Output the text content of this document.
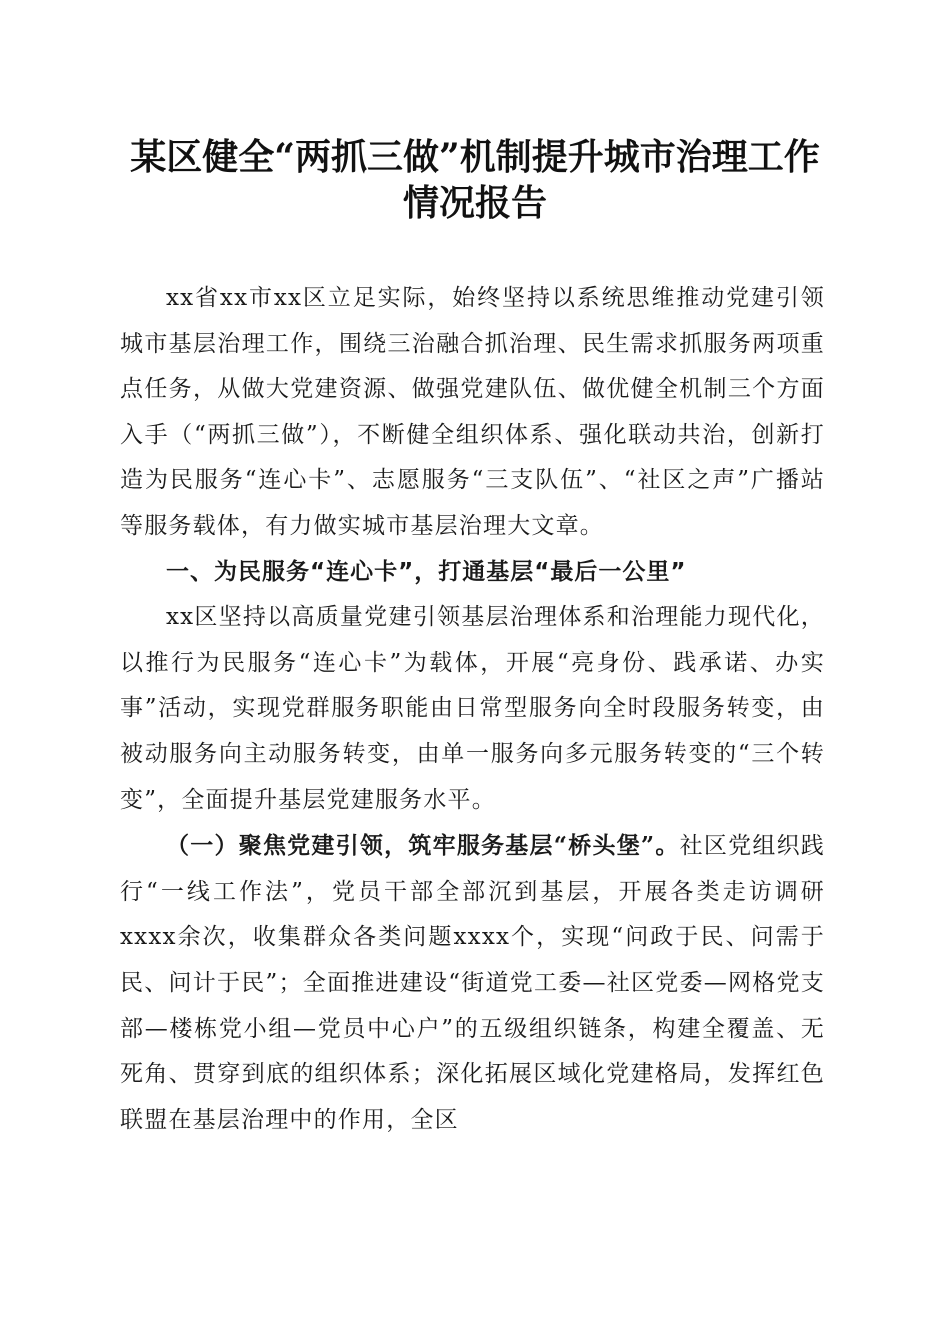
某区健全“两抓三做”机制提升城市治理工作
情况报告

xx省xx市xx区立足实际，始终坚持以系统思维推动党建引领城市基层治理工作，围绕三治融合抓治理、民生需求抓服务两项重点任务，从做大党建资源、做强党建队伍、做优健全机制三个方面入手（“两抓三做”），不断健全组织体系、强化联动共治，创新打造为民服务“连心卡”、志愿服务“三支队伍”、“社区之声”广播站等服务载体，有力做实城市基层治理大文章。

一、为民服务“连心卡”，打通基层“最后一公里”

xx区坚持以高质量党建引领基层治理体系和治理能力现代化，以推行为民服务“连心卡”为载体，开展“亮身份、践承诺、办实事”活动，实现党群服务职能由日常型服务向全时段服务转变，由被动服务向主动服务转变，由单一服务向多元服务转变的“三个转变”，全面提升基层党建服务水平。

（一）聚焦党建引领，筑牢服务基层“桥头堡”。社区党组织践行“一线工作法”，党员干部全部沉到基层，开展各类走访调研xxxx余次，收集群众各类问题xxxx个，实现“问政于民、问需于民、问计于民”；全面推进建设“街道党工委—社区党委—网格党支部—楼栋党小组—党员中心户”的五级组织链条，构建全覆盖、无死角、贯穿到底的组织体系；深化拓展区域化党建格局，发挥红色联盟在基层治理中的作用，全区
